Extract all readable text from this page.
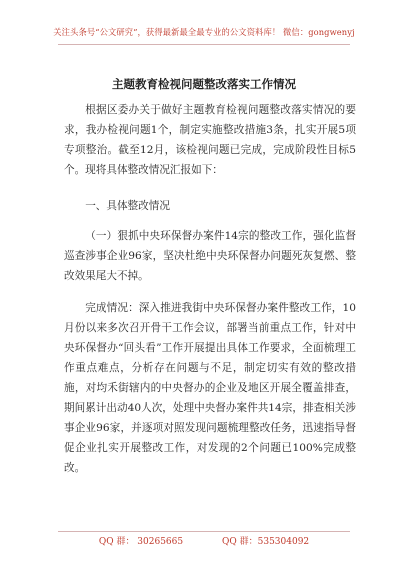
关注头条号“公文研究”，获得最新最全最专业的公文资料库！ 微信：gongwenyj
主题教育检视问题整改落实工作情况
根据区委办关于做好主题教育检视问题整改落实情况的要求，我办检视问题1个，制定实施整改措施3条，扎实开展5项专项整治。截至12月，该检视问题已完成，完成阶段性目标5个。现将具体整改情况汇报如下：
一、具体整改情况
（一）狠抓中央环保督办案件14宗的整改工作，强化监督巡查涉事企业96家，坚决杜绝中央环保督办问题死灰复燃、整改效果尾大不掉。
完成情况：深入推进我街中央环保督办案件整改工作，10月份以来多次召开骨干工作会议，部署当前重点工作，针对中央环保督办“回头看”工作开展提出具体工作要求，全面梳理工作重点难点，分析存在问题与不足，制定切实有效的整改措施，对均禾街辖内的中央督办的企业及地区开展全覆盖排查，期间累计出动40人次，处理中央督办案件共14宗，排查相关涉事企业96家，并逐项对照发现问题梳理整改任务，迅速指导督促企业扎实开展整改工作，对发现的2个问题已100%完成整改。
QQ 群： 30265665	QQ 群：535304092
